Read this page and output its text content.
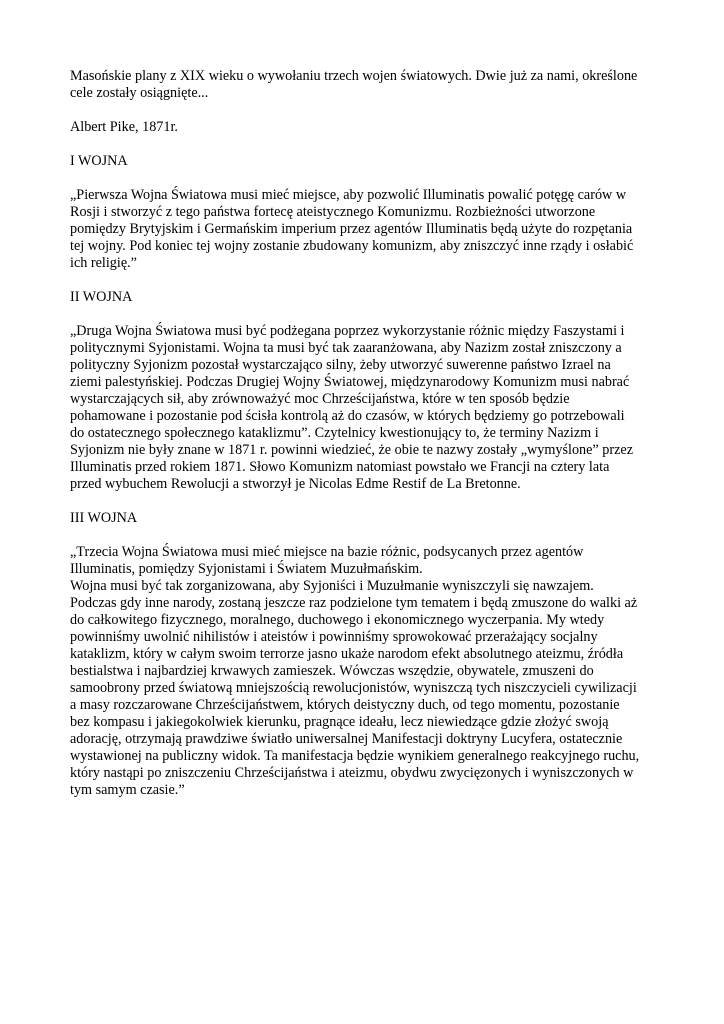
Masońskie plany z XIX wieku o wywołaniu trzech wojen światowych. Dwie już za nami, określone
cele zostały osiągnięte...

Albert Pike, 1871r.

I WOJNA

„Pierwsza Wojna Światowa musi mieć miejsce, aby pozwolić Illuminatis powalić potęgę carów w
Rosji i stworzyć z tego państwa fortecę ateistycznego Komunizmu. Rozbieżności utworzone
pomiędzy Brytyjskim i Germańskim imperium przez agentów Illuminatis będą użyte do rozpętania
tej wojny. Pod koniec tej wojny zostanie zbudowany komunizm, aby zniszczyć inne rządy i osłabić
ich religię.”

II WOJNA

„Druga Wojna Światowa musi być podżegana poprzez wykorzystanie różnic między Faszystami i
politycznymi Syjonistami. Wojna ta musi być tak zaaranżowana, aby Nazizm został zniszczony a
polityczny Syjonizm pozostał wystarczająco silny, żeby utworzyć suwerenne państwo Izrael na
ziemi palestyńskiej. Podczas Drugiej Wojny Światowej, międzynarodowy Komunizm musi nabrać
wystarczających sił, aby zrównoważyć moc Chrześcijaństwa, które w ten sposób będzie
pohamowane i pozostanie pod ścisła kontrolą aż do czasów, w których będziemy go potrzebowali
do ostatecznego społecznego kataklizmu”. Czytelnicy kwestionujący to, że terminy Nazizm i
Syjonizm nie były znane w 1871 r. powinni wiedzieć, że obie te nazwy zostały „wymyślone” przez
Illuminatis przed rokiem 1871. Słowo Komunizm natomiast powstało we Francji na cztery lata
przed wybuchem Rewolucji a stworzył je Nicolas Edme Restif de La Bretonne.

III WOJNA

„Trzecia Wojna Światowa musi mieć miejsce na bazie różnic, podsycanych przez agentów
Illuminatis, pomiędzy Syjonistami i Światem Muzułmańskim.

Wojna musi być tak zorganizowana, aby Syjoniści i Muzułmanie wyniszczyli się nawzajem.
Podczas gdy inne narody, zostaną jeszcze raz podzielone tym tematem i będą zmuszone do walki aż
do całkowitego fizycznego, moralnego, duchowego i ekonomicznego wyczerpania. My wtedy
powinniśmy uwolnić nihilistów i ateistów i powinniśmy sprowokować przerażający socjalny
kataklizm, który w całym swoim terrorze jasno ukaże narodom efekt absolutnego ateizmu, źródła
bestialstwa i najbardziej krwawych zamieszek. Wówczas wszędzie, obywatele, zmuszeni do
samoobrony przed światową mniejszością rewolucjonistów, wyniszczą tych niszczycieli cywilizacji
a masy rozczarowane Chrześcijaństwem, których deistyczny duch, od tego momentu, pozostanie
bez kompasu i jakiegokolwiek kierunku, pragnące ideału, lecz niewiedzące gdzie złożyć swoją
adorację, otrzymają prawdziwe światło uniwersalnej Manifestacji doktryny Lucyfera, ostatecznie
wystawionej na publiczny widok. Ta manifestacja będzie wynikiem generalnego reakcyjnego ruchu,
który nastąpi po zniszczeniu Chrześcijaństwa i ateizmu, obydwu zwycięzonych i wyniszczonych w
tym samym czasie.”
